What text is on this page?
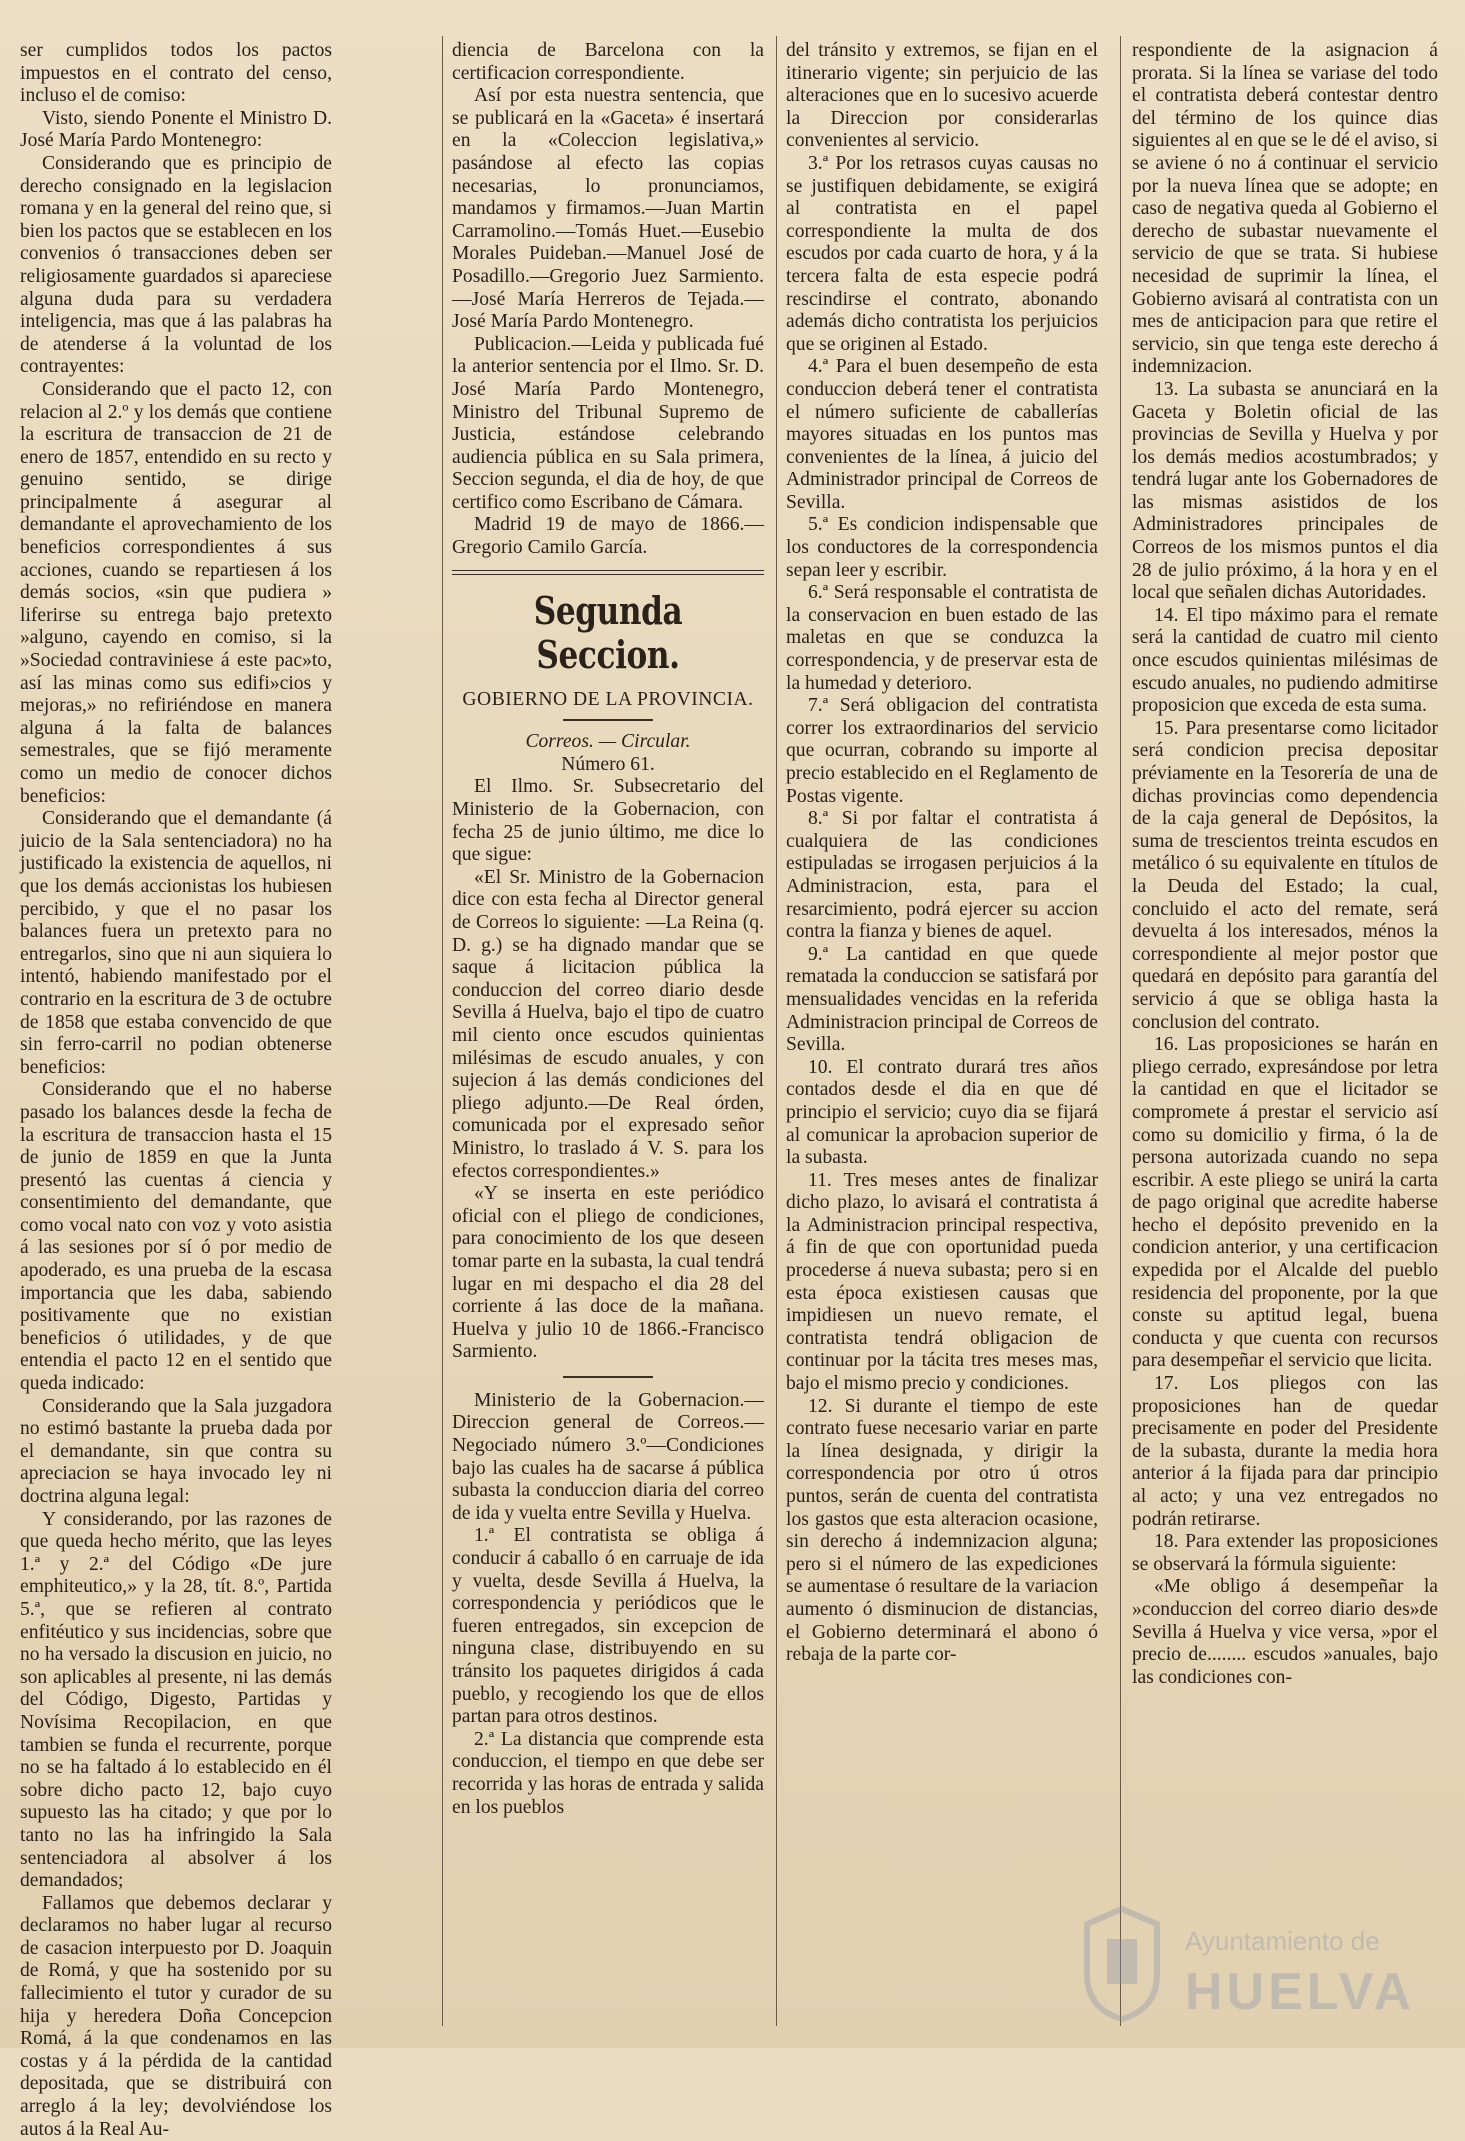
ser cumplidos todos los pactos impuestos en el contrato del censo, incluso el de comiso:

Visto, siendo Ponente el Ministro D. José María Pardo Montenegro:

Considerando que es principio de derecho consignado en la legislacion romana y en la general del reino que, si bien los pactos que se establecen en los convenios ó transacciones deben ser religiosamente guardados si apareciese alguna duda para su verdadera inteligencia, mas que á las palabras ha de atenderse á la voluntad de los contrayentes:

Considerando que el pacto 12, con relacion al 2.º y los demás que contiene la escritura de transaccion de 21 de enero de 1857, entendido en su recto y genuino sentido, se dirige principalmente á asegurar al demandante el aprovechamiento de los beneficios correspondientes á sus acciones, cuando se repartiesen á los demás socios, «sin que pudiera » liferirse su entrega bajo pretexto »alguno, cayendo en comiso, si la »Sociedad contraviniese á este pac»to, así las minas como sus edifi»cios y mejoras,» no refiriéndose en manera alguna á la falta de balances semestrales, que se fijó meramente como un medio de conocer dichos beneficios:

Considerando que el demandante (á juicio de la Sala sentenciadora) no ha justificado la existencia de aquellos, ni que los demás accionistas los hubiesen percibido, y que el no pasar los balances fuera un pretexto para no entregarlos, sino que ni aun siquiera lo intentó, habiendo manifestado por el contrario en la escritura de 3 de octubre de 1858 que estaba convencido de que sin ferro-carril no podian obtenerse beneficios:

Considerando que el no haberse pasado los balances desde la fecha de la escritura de transaccion hasta el 15 de junio de 1859 en que la Junta presentó las cuentas á ciencia y consentimiento del demandante, que como vocal nato con voz y voto asistia á las sesiones por sí ó por medio de apoderado, es una prueba de la escasa importancia que les daba, sabiendo positivamente que no existian beneficios ó utilidades, y de que entendia el pacto 12 en el sentido que queda indicado:

Considerando que la Sala juzgadora no estimó bastante la prueba dada por el demandante, sin que contra su apreciacion se haya invocado ley ni doctrina alguna legal:

Y considerando, por las razones de que queda hecho mérito, que las leyes 1.ª y 2.ª del Código «De jure emphiteutico,» y la 28, tít. 8.º, Partida 5.ª, que se refieren al contrato enfitéutico y sus incidencias, sobre que no ha versado la discusion en juicio, no son aplicables al presente, ni las demás del Código, Digesto, Partidas y Novísima Recopilacion, en que tambien se funda el recurrente, porque no se ha faltado á lo establecido en él sobre dicho pacto 12, bajo cuyo supuesto las ha citado; y que por lo tanto no las ha infringido la Sala sentenciadora al absolver á los demandados;

Fallamos que debemos declarar y declaramos no haber lugar al recurso de casacion interpuesto por D. Joaquin de Romá, y que ha sostenido por su fallecimiento el tutor y curador de su hija y heredera Doña Concepcion Romá, á la que condenamos en las costas y á la pérdida de la cantidad depositada, que se distribuirá con arreglo á la ley; devolviéndose los autos á la Real Au-

diencia de Barcelona con la certificacion correspondiente.

Así por esta nuestra sentencia, que se publicará en la «Gaceta» é insertará en la «Coleccion legislativa,» pasándose al efecto las copias necesarias, lo pronunciamos, mandamos y firmamos.—Juan Martin Carramolino.—Tomás Huet.—Eusebio Morales Puideban.—Manuel José de Posadillo.—Gregorio Juez Sarmiento.—José María Herreros de Tejada.—José María Pardo Montenegro.

Publicacion.—Leida y publicada fué la anterior sentencia por el Ilmo. Sr. D. José María Pardo Montenegro, Ministro del Tribunal Supremo de Justicia, estándose celebrando audiencia pública en su Sala primera, Seccion segunda, el dia de hoy, de que certifico como Escribano de Cámara.

Madrid 19 de mayo de 1866.—Gregorio Camilo García.

Segunda Seccion.

GOBIERNO DE LA PROVINCIA.

Correos. — Circular.

Número 61.

El Ilmo. Sr. Subsecretario del Ministerio de la Gobernacion, con fecha 25 de junio último, me dice lo que sigue:

«El Sr. Ministro de la Gobernacion dice con esta fecha al Director general de Correos lo siguiente: —La Reina (q. D. g.) se ha dignado mandar que se saque á licitacion pública la conduccion del correo diario desde Sevilla á Huelva, bajo el tipo de cuatro mil ciento once escudos quinientas milésimas de escudo anuales, y con sujecion á las demás condiciones del pliego adjunto.—De Real órden, comunicada por el expresado señor Ministro, lo traslado á V. S. para los efectos correspondientes.»

«Y se inserta en este periódico oficial con el pliego de condiciones, para conocimiento de los que deseen tomar parte en la subasta, la cual tendrá lugar en mi despacho el dia 28 del corriente á las doce de la mañana. Huelva y julio 10 de 1866.-Francisco Sarmiento.

Ministerio de la Gobernacion.—Direccion general de Correos.—Negociado número 3.º—Condiciones bajo las cuales ha de sacarse á pública subasta la conduccion diaria del correo de ida y vuelta entre Sevilla y Huelva.

1.ª El contratista se obliga á conducir á caballo ó en carruaje de ida y vuelta, desde Sevilla á Huelva, la correspondencia y periódicos que le fueren entregados, sin excepcion de ninguna clase, distribuyendo en su tránsito los paquetes dirigidos á cada pueblo, y recogiendo los que de ellos partan para otros destinos.

2.ª La distancia que comprende esta conduccion, el tiempo en que debe ser recorrida y las horas de entrada y salida en los pueblos

del tránsito y extremos, se fijan en el itinerario vigente; sin perjuicio de las alteraciones que en lo sucesivo acuerde la Direccion por considerarlas convenientes al servicio.

3.ª Por los retrasos cuyas causas no se justifiquen debidamente, se exigirá al contratista en el papel correspondiente la multa de dos escudos por cada cuarto de hora, y á la tercera falta de esta especie podrá rescindirse el contrato, abonando además dicho contratista los perjuicios que se originen al Estado.

4.ª Para el buen desempeño de esta conduccion deberá tener el contratista el número suficiente de caballerías mayores situadas en los puntos mas convenientes de la línea, á juicio del Administrador principal de Correos de Sevilla.

5.ª Es condicion indispensable que los conductores de la correspondencia sepan leer y escribir.

6.ª Será responsable el contratista de la conservacion en buen estado de las maletas en que se conduzca la correspondencia, y de preservar esta de la humedad y deterioro.

7.ª Será obligacion del contratista correr los extraordinarios del servicio que ocurran, cobrando su importe al precio establecido en el Reglamento de Postas vigente.

8.ª Si por faltar el contratista á cualquiera de las condiciones estipuladas se irrogasen perjuicios á la Administracion, esta, para el resarcimiento, podrá ejercer su accion contra la fianza y bienes de aquel.

9.ª La cantidad en que quede rematada la conduccion se satisfará por mensualidades vencidas en la referida Administracion principal de Correos de Sevilla.

10. El contrato durará tres años contados desde el dia en que dé principio el servicio; cuyo dia se fijará al comunicar la aprobacion superior de la subasta.

11. Tres meses antes de finalizar dicho plazo, lo avisará el contratista á la Administracion principal respectiva, á fin de que con oportunidad pueda procederse á nueva subasta; pero si en esta época existiesen causas que impidiesen un nuevo remate, el contratista tendrá obligacion de continuar por la tácita tres meses mas, bajo el mismo precio y condiciones.

12. Si durante el tiempo de este contrato fuese necesario variar en parte la línea designada, y dirigir la correspondencia por otro ú otros puntos, serán de cuenta del contratista los gastos que esta alteracion ocasione, sin derecho á indemnizacion alguna; pero si el número de las expediciones se aumentase ó resultare de la variacion aumento ó disminucion de distancias, el Gobierno determinará el abono ó rebaja de la parte cor-

respondiente de la asignacion á prorata. Si la línea se variase del todo el contratista deberá contestar dentro del término de los quince dias siguientes al en que se le dé el aviso, si se aviene ó no á continuar el servicio por la nueva línea que se adopte; en caso de negativa queda al Gobierno el derecho de subastar nuevamente el servicio de que se trata. Si hubiese necesidad de suprimir la línea, el Gobierno avisará al contratista con un mes de anticipacion para que retire el servicio, sin que tenga este derecho á indemnizacion.

13. La subasta se anunciará en la Gaceta y Boletin oficial de las provincias de Sevilla y Huelva y por los demás medios acostumbrados; y tendrá lugar ante los Gobernadores de las mismas asistidos de los Administradores principales de Correos de los mismos puntos el dia 28 de julio próximo, á la hora y en el local que señalen dichas Autoridades.

14. El tipo máximo para el remate será la cantidad de cuatro mil ciento once escudos quinientas milésimas de escudo anuales, no pudiendo admitirse proposicion que exceda de esta suma.

15. Para presentarse como licitador será condicion precisa depositar préviamente en la Tesorería de una de dichas provincias como dependencia de la caja general de Depósitos, la suma de trescientos treinta escudos en metálico ó su equivalente en títulos de la Deuda del Estado; la cual, concluido el acto del remate, será devuelta á los interesados, ménos la correspondiente al mejor postor que quedará en depósito para garantía del servicio á que se obliga hasta la conclusion del contrato.

16. Las proposiciones se harán en pliego cerrado, expresándose por letra la cantidad en que el licitador se compromete á prestar el servicio así como su domicilio y firma, ó la de persona autorizada cuando no sepa escribir. A este pliego se unirá la carta de pago original que acredite haberse hecho el depósito prevenido en la condicion anterior, y una certificacion expedida por el Alcalde del pueblo residencia del proponente, por la que conste su aptitud legal, buena conducta y que cuenta con recursos para desempeñar el servicio que licita.

17. Los pliegos con las proposiciones han de quedar precisamente en poder del Presidente de la subasta, durante la media hora anterior á la fijada para dar principio al acto; y una vez entregados no podrán retirarse.

18. Para extender las proposiciones se observará la fórmula siguiente:

«Me obligo á desempeñar la »conduccion del correo diario des»de Sevilla á Huelva y vice versa, »por el precio de........ escudos »anuales, bajo las condiciones con-

Ayuntamiento de
HUELVA
